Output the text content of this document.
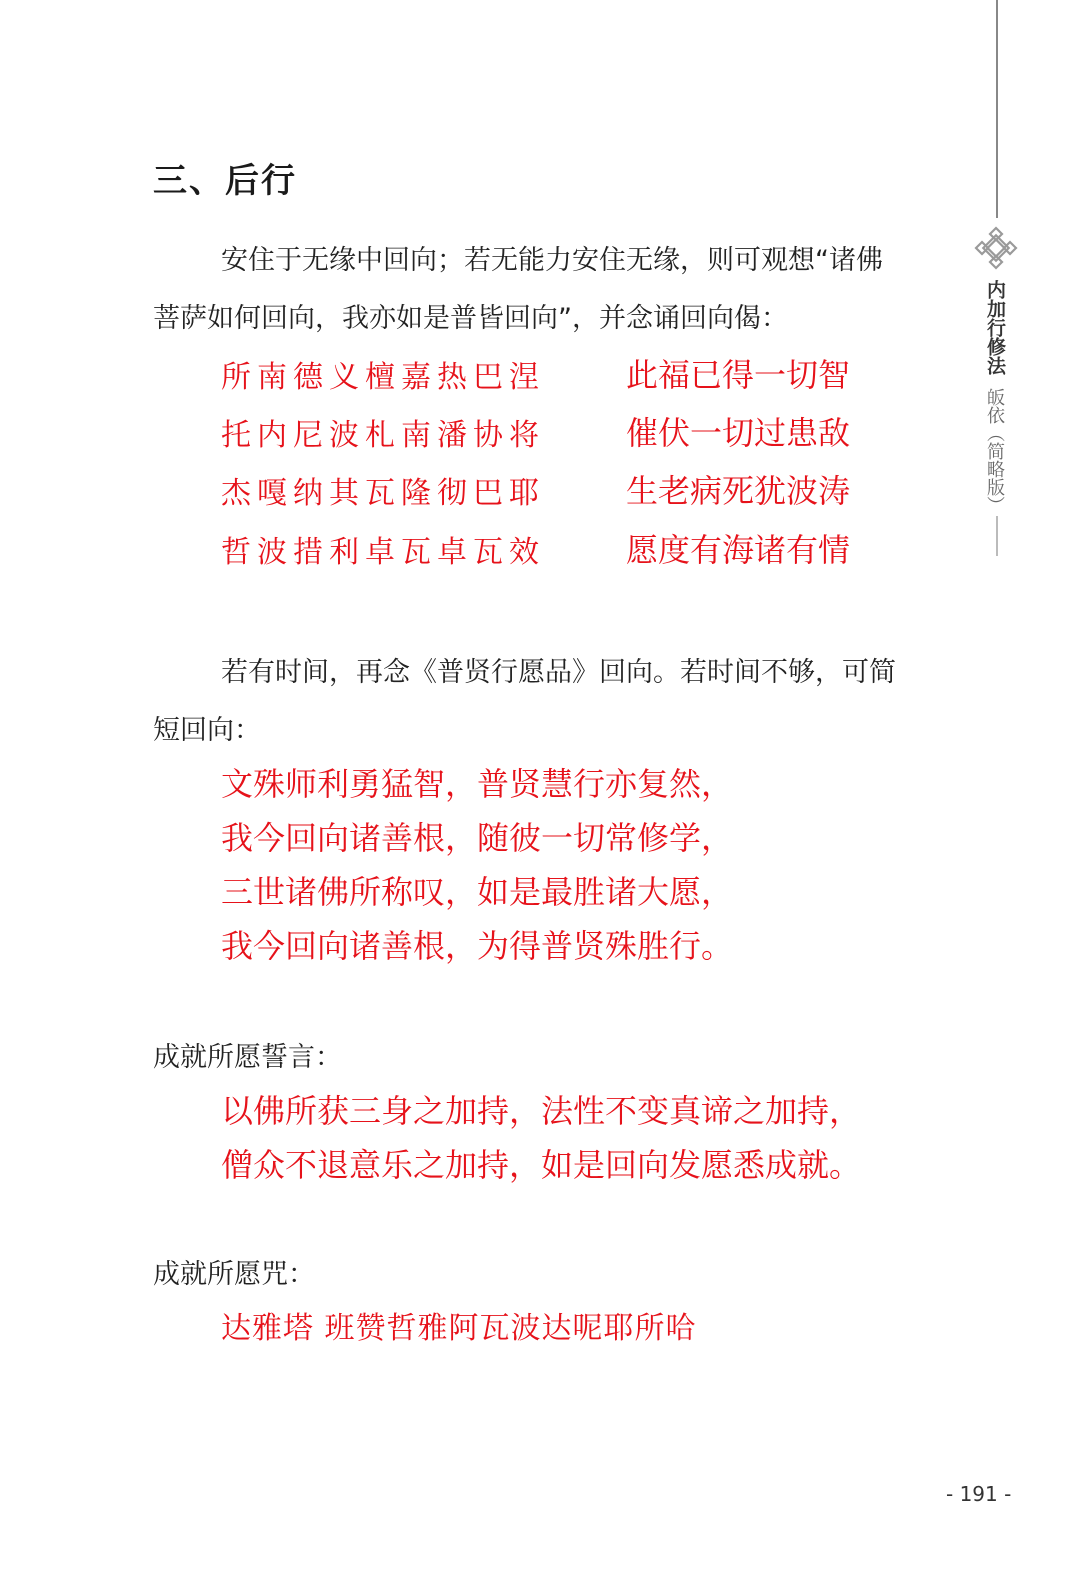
内加行修法
皈依（简略版）
三、后行
安住于无缘中回向；若无能力安住无缘，则可观想“诸佛
菩萨如何回向，我亦如是普皆回向”，并念诵回向偈：
所南德义檀嘉热巴涅
托内尼波札南潘协将
杰嘎纳其瓦隆彻巴耶
哲波措利卓瓦卓瓦效
此福已得一切智
催伏一切过患敌
生老病死犹波涛
愿度有海诸有情
若有时间，再念《普贤行愿品》回向。若时间不够，可简
短回向：
文殊师利勇猛智，普贤慧行亦复然，
我今回向诸善根，随彼一切常修学，
三世诸佛所称叹，如是最胜诸大愿，
我今回向诸善根，为得普贤殊胜行。
成就所愿誓言：
以佛所获三身之加持，法性不变真谛之加持，
僧众不退意乐之加持，如是回向发愿悉成就。
成就所愿咒：
达雅塔 班赞哲雅阿瓦波达呢耶所哈
- 191 -
